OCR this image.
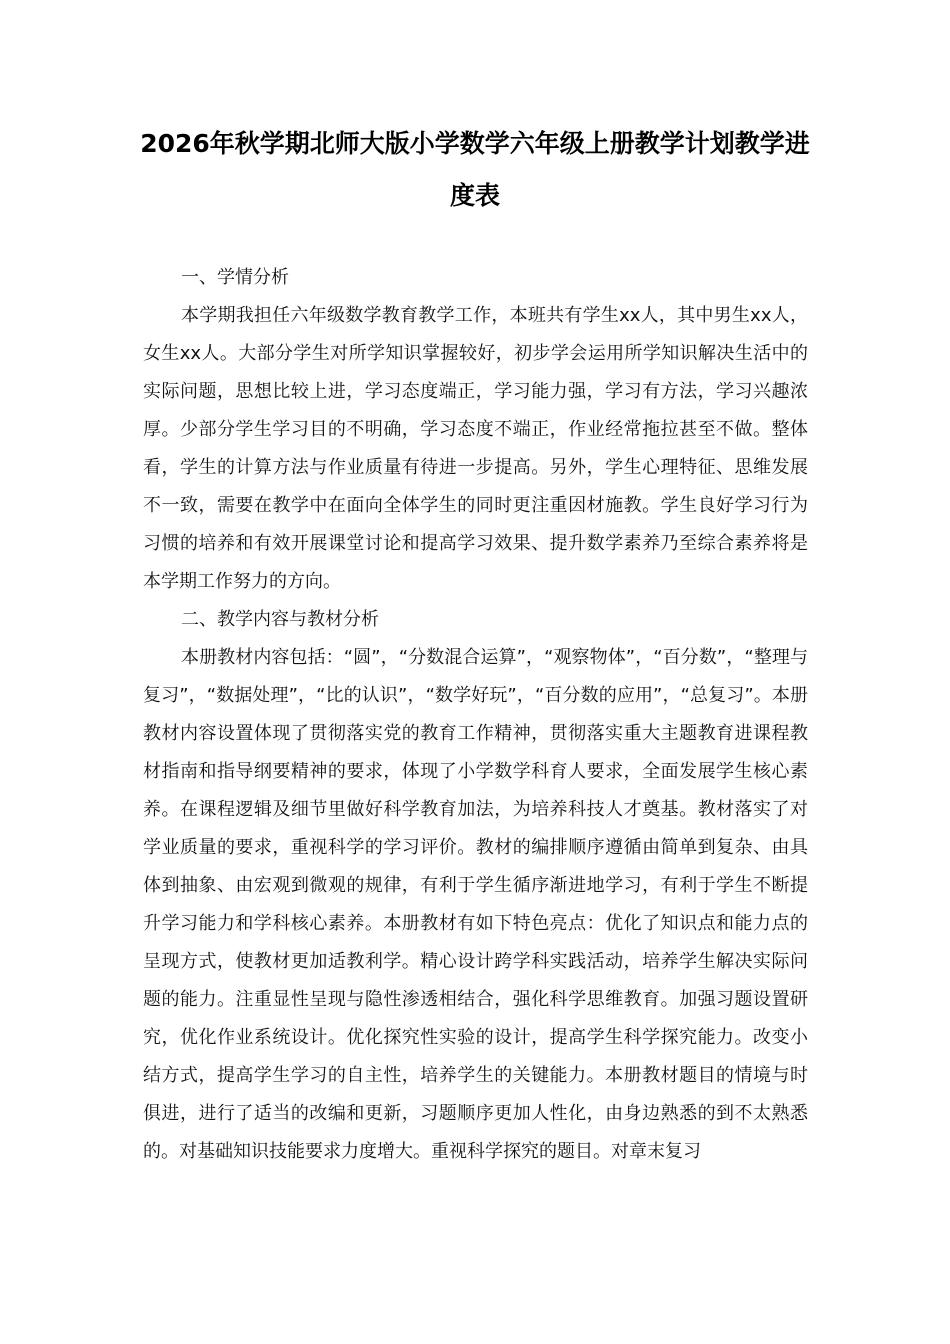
2026年秋学期北师大版小学数学六年级上册教学计划教学进度表
一、学情分析

本学期我担任六年级数学教育教学工作，本班共有学生xx人，其中男生xx人，女生xx人。大部分学生对所学知识掌握较好，初步学会运用所学知识解决生活中的实际问题，思想比较上进，学习态度端正，学习能力强，学习有方法，学习兴趣浓厚。少部分学生学习目的不明确，学习态度不端正，作业经常拖拉甚至不做。整体看，学生的计算方法与作业质量有待进一步提高。另外，学生心理特征、思维发展不一致，需要在教学中在面向全体学生的同时更注重因材施教。学生良好学习行为习惯的培养和有效开展课堂讨论和提高学习效果、提升数学素养乃至综合素养将是本学期工作努力的方向。

二、教学内容与教材分析

本册教材内容包括：“圆”，“分数混合运算”，“观察物体”，“百分数”，“整理与复习”，“数据处理”，“比的认识”，“数学好玩”，“百分数的应用”，“总复习”。本册教材内容设置体现了贯彻落实党的教育工作精神，贯彻落实重大主题教育进课程教材指南和指导纲要精神的要求，体现了小学数学科育人要求，全面发展学生核心素养。在课程逻辑及细节里做好科学教育加法，为培养科技人才奠基。教材落实了对学业质量的要求，重视科学的学习评价。教材的编排顺序遵循由简单到复杂、由具体到抽象、由宏观到微观的规律，有利于学生循序渐进地学习，有利于学生不断提升学习能力和学科核心素养。本册教材有如下特色亮点：优化了知识点和能力点的呈现方式，使教材更加适教利学。精心设计跨学科实践活动，培养学生解决实际问题的能力。注重显性呈现与隐性渗透相结合，强化科学思维教育。加强习题设置研究，优化作业系统设计。优化探究性实验的设计，提高学生科学探究能力。改变小结方式，提高学生学习的自主性，培养学生的关键能力。本册教材题目的情境与时俱进，进行了适当的改编和更新，习题顺序更加人性化，由身边熟悉的到不太熟悉的。对基础知识技能要求力度增大。重视科学探究的题目。对章末复习
